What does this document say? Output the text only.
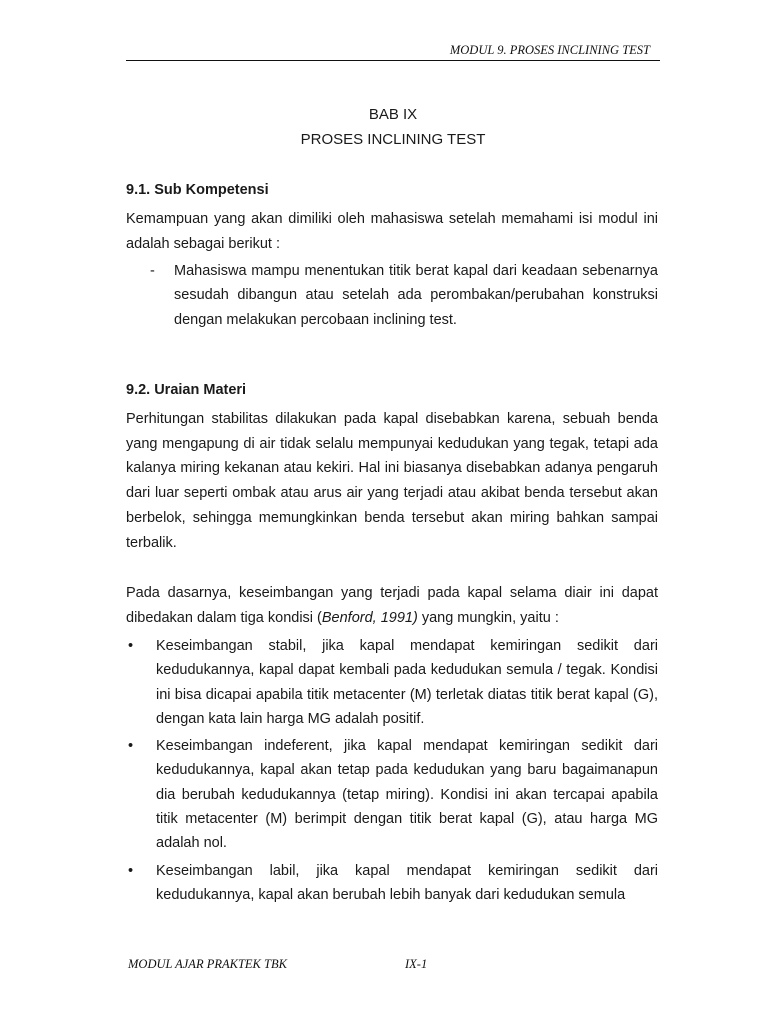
MODUL 9. PROSES INCLINING TEST
BAB IX
PROSES INCLINING TEST
9.1. Sub Kompetensi

Kemampuan yang akan dimiliki oleh mahasiswa setelah memahami isi modul ini adalah sebagai berikut :

- Mahasiswa mampu menentukan titik berat kapal dari keadaan sebenarnya sesudah dibangun atau setelah ada perombakan/perubahan konstruksi dengan melakukan percobaan inclining test.

9.2. Uraian Materi

Perhitungan stabilitas dilakukan pada kapal disebabkan karena, sebuah benda yang mengapung di air tidak selalu mempunyai kedudukan yang tegak, tetapi ada kalanya miring kekanan atau kekiri. Hal ini biasanya disebabkan adanya pengaruh dari luar seperti ombak atau arus air yang terjadi atau akibat benda tersebut akan berbelok, sehingga memungkinkan benda tersebut akan miring bahkan sampai terbalik.

Pada dasarnya, keseimbangan yang terjadi pada kapal selama diair ini dapat dibedakan dalam tiga kondisi (Benford, 1991) yang mungkin, yaitu :

• Keseimbangan stabil, jika kapal mendapat kemiringan sedikit dari kedudukannya, kapal dapat kembali pada kedudukan semula / tegak. Kondisi ini bisa dicapai apabila titik metacenter (M) terletak diatas titik berat kapal (G), dengan kata lain harga MG adalah positif.

• Keseimbangan indeferent, jika kapal mendapat kemiringan sedikit dari kedudukannya, kapal akan tetap pada kedudukan yang baru bagaimanapun dia berubah kedudukannya (tetap miring). Kondisi ini akan tercapai apabila titik metacenter (M) berimpit dengan titik berat kapal (G), atau harga MG adalah nol.

• Keseimbangan labil, jika kapal mendapat kemiringan sedikit dari kedudukannya, kapal akan berubah lebih banyak dari kedudukan semula

MODUL AJAR PRAKTEK TBK	IX-1
